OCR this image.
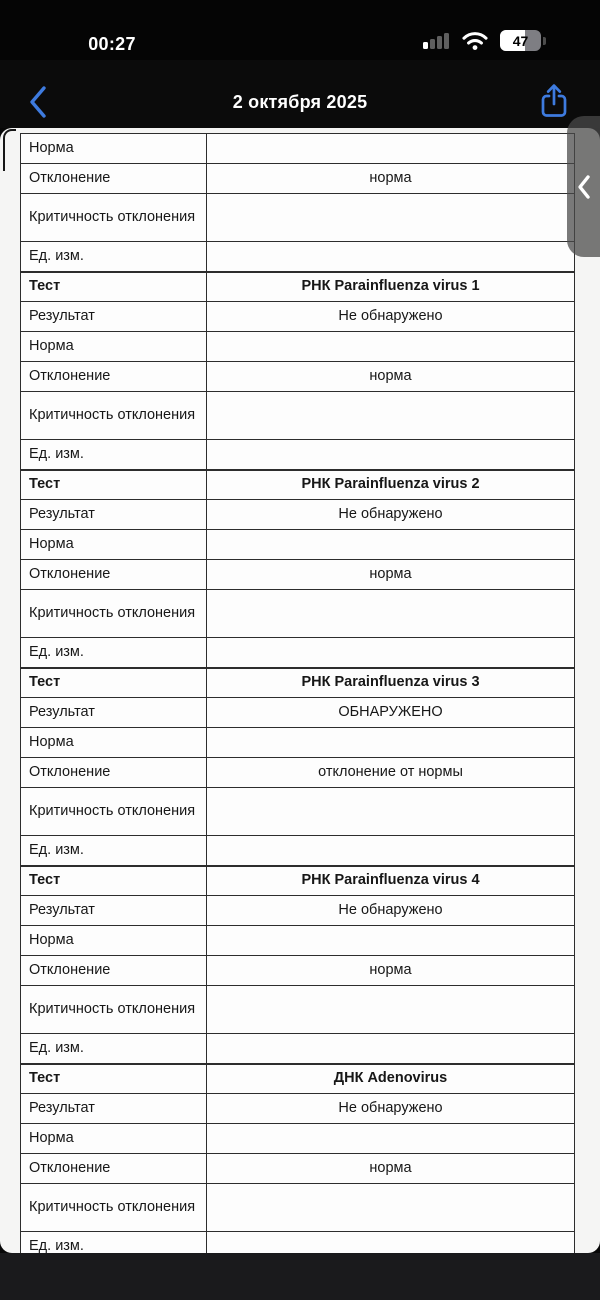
00:27	47
2 октября 2025
Норма	
Отклонение	норма
Критичность отклонения	
Ед. изм.	
Тест	РНК Parainfluenza virus 1
Результат	Не обнаружено
Норма	
Отклонение	норма
Критичность отклонения	
Ед. изм.	
Тест	РНК Parainfluenza virus 2
Результат	Не обнаружено
Норма	
Отклонение	норма
Критичность отклонения	
Ед. изм.	
Тест	РНК Parainfluenza virus 3
Результат	ОБНАРУЖЕНО
Норма	
Отклонение	отклонение от нормы
Критичность отклонения	
Ед. изм.	
Тест	РНК Parainfluenza virus 4
Результат	Не обнаружено
Норма	
Отклонение	норма
Критичность отклонения	
Ед. изм.	
Тест	ДНК Adenovirus
Результат	Не обнаружено
Норма	
Отклонение	норма
Критичность отклонения	
Ед. изм.	
